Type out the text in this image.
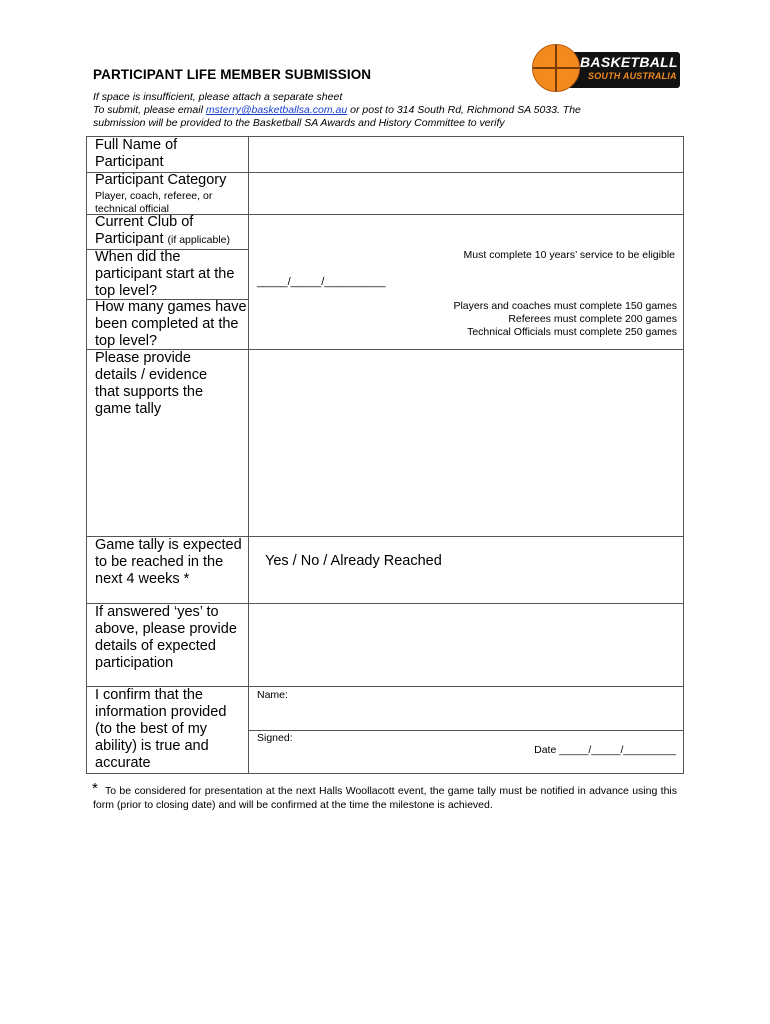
PARTICIPANT LIFE MEMBER SUBMISSION
If space is insufficient, please attach a separate sheet
To submit, please email msterry@basketballsa.com.au or post to 314 South Rd, Richmond SA 5033. The
submission will be provided to the Basketball SA Awards and History Committee to verify
BASKETBALL
SOUTH AUSTRALIA
Full Name of Participant
Participant Category
Player, coach, referee, or technical official
Current Club of Participant (if applicable)
When did the participant start at the top level?
How many games have been completed at the top level?
Please provide details / evidence that supports the game tally
Game tally is expected to be reached in the next 4 weeks *
If answered ‘yes’ to above, please provide details of expected participation
I confirm that the information provided (to the best of my ability) is true and accurate
Must complete 10 years’ service to be eligible
_____/_____/__________
Players and coaches must complete 150 games
Referees must complete 200 games
Technical Officials must complete 250 games
Yes / No / Already Reached
Name:
Signed:
Date _____/_____/_________
* To be considered for presentation at the next Halls Woollacott event, the game tally must be notified in advance using this form (prior to closing date) and will be confirmed at the time the milestone is achieved.
